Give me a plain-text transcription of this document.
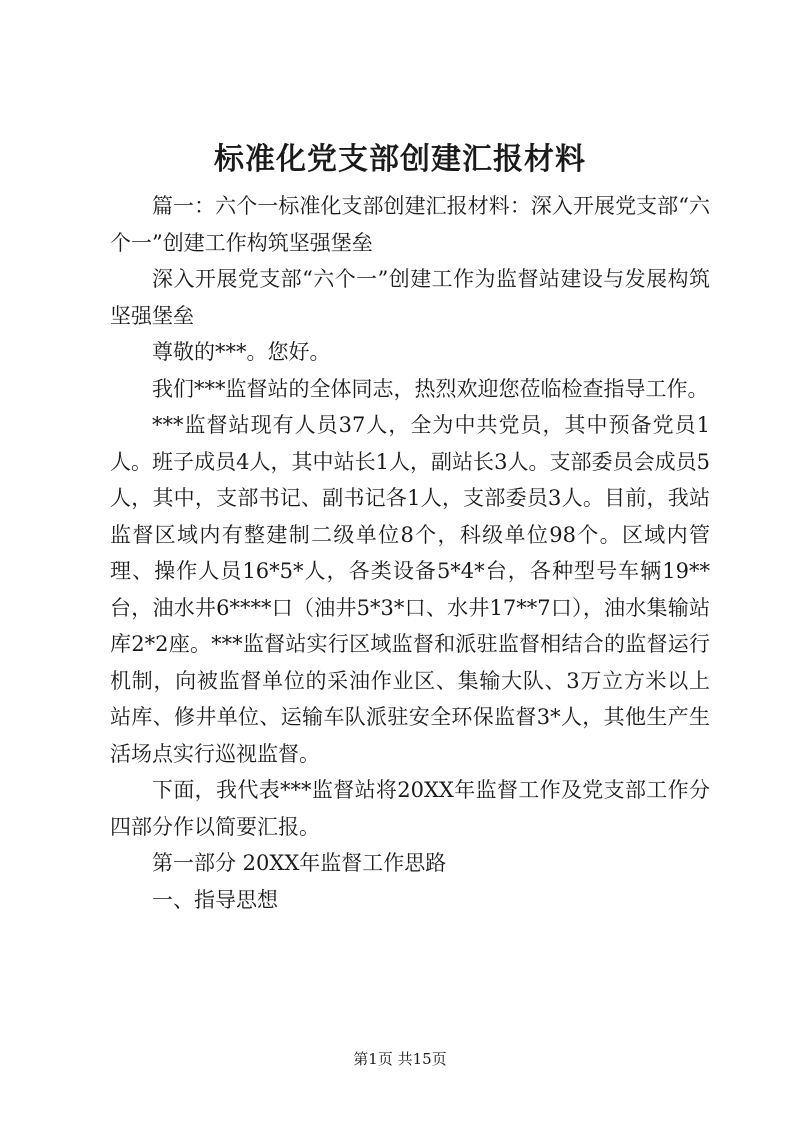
标准化党支部创建汇报材料

篇一：六个一标准化支部创建汇报材料：深入开展党支部“六个一”创建工作构筑坚强堡垒

深入开展党支部“六个一”创建工作为监督站建设与发展构筑坚强堡垒

尊敬的***。您好。

我们***监督站的全体同志，热烈欢迎您莅临检查指导工作。

***监督站现有人员37人，全为中共党员，其中预备党员1人。班子成员4人，其中站长1人，副站长3人。支部委员会成员5人，其中，支部书记、副书记各1人，支部委员3人。目前，我站监督区域内有整建制二级单位8个，科级单位98个。区域内管理、操作人员16*5*人，各类设备5*4*台，各种型号车辆19**台，油水井6****口（油井5*3*口、水井17**7口），油水集输站库2*2座。***监督站实行区域监督和派驻监督相结合的监督运行机制，向被监督单位的采油作业区、集输大队、3万立方米以上站库、修井单位、运输车队派驻安全环保监督3*人，其他生产生活场点实行巡视监督。

下面，我代表***监督站将20XX年监督工作及党支部工作分四部分作以简要汇报。

第一部分 20XX年监督工作思路

一、指导思想

第1页 共15页
